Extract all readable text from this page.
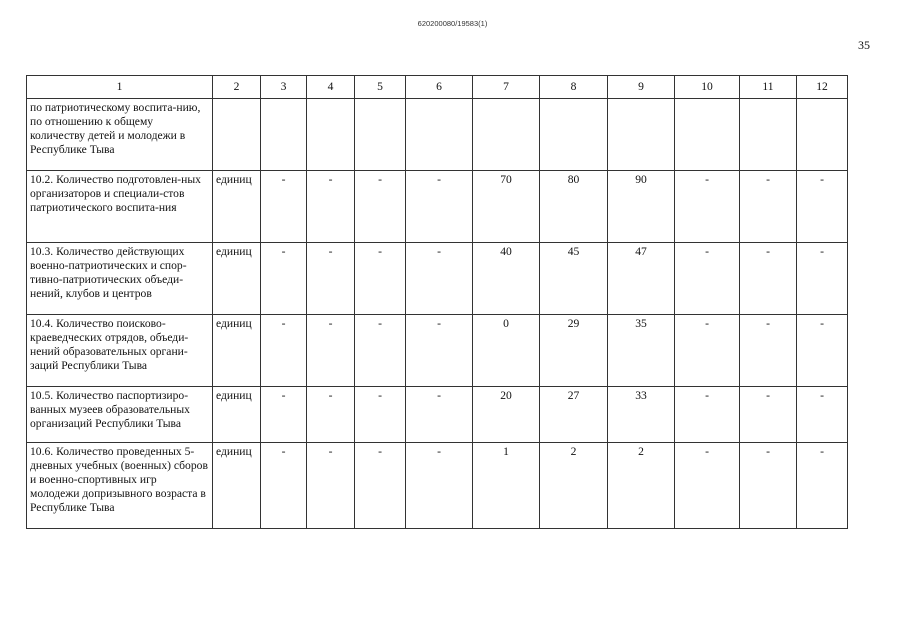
620200080/19583(1)
35
1	2	3	4	5	6	7	8	9	10	11	12
по патриотическому воспита-нию, по отношению к общему количеству детей и молодежи в Республике Тыва											
10.2. Количество подготовлен-ных организаторов и специали-стов патриотического воспита-ния	единиц	-	-	-	-	70	80	90	-	-	-
10.3. Количество действующих военно-патриотических и спор-тивно-патриотических объеди-нений, клубов и центров	единиц	-	-	-	-	40	45	47	-	-	-
10.4. Количество поисково-краеведческих отрядов, объеди-нений образовательных органи-заций Республики Тыва	единиц	-	-	-	-	0	29	35	-	-	-
10.5. Количество паспортизиро-ванных музеев образовательных организаций Республики Тыва	единиц	-	-	-	-	20	27	33	-	-	-
10.6. Количество проведенных 5-дневных учебных (военных) сборов и военно-спортивных игр молодежи допризывного возраста в Республике Тыва	единиц	-	-	-	-	1	2	2	-	-	-
